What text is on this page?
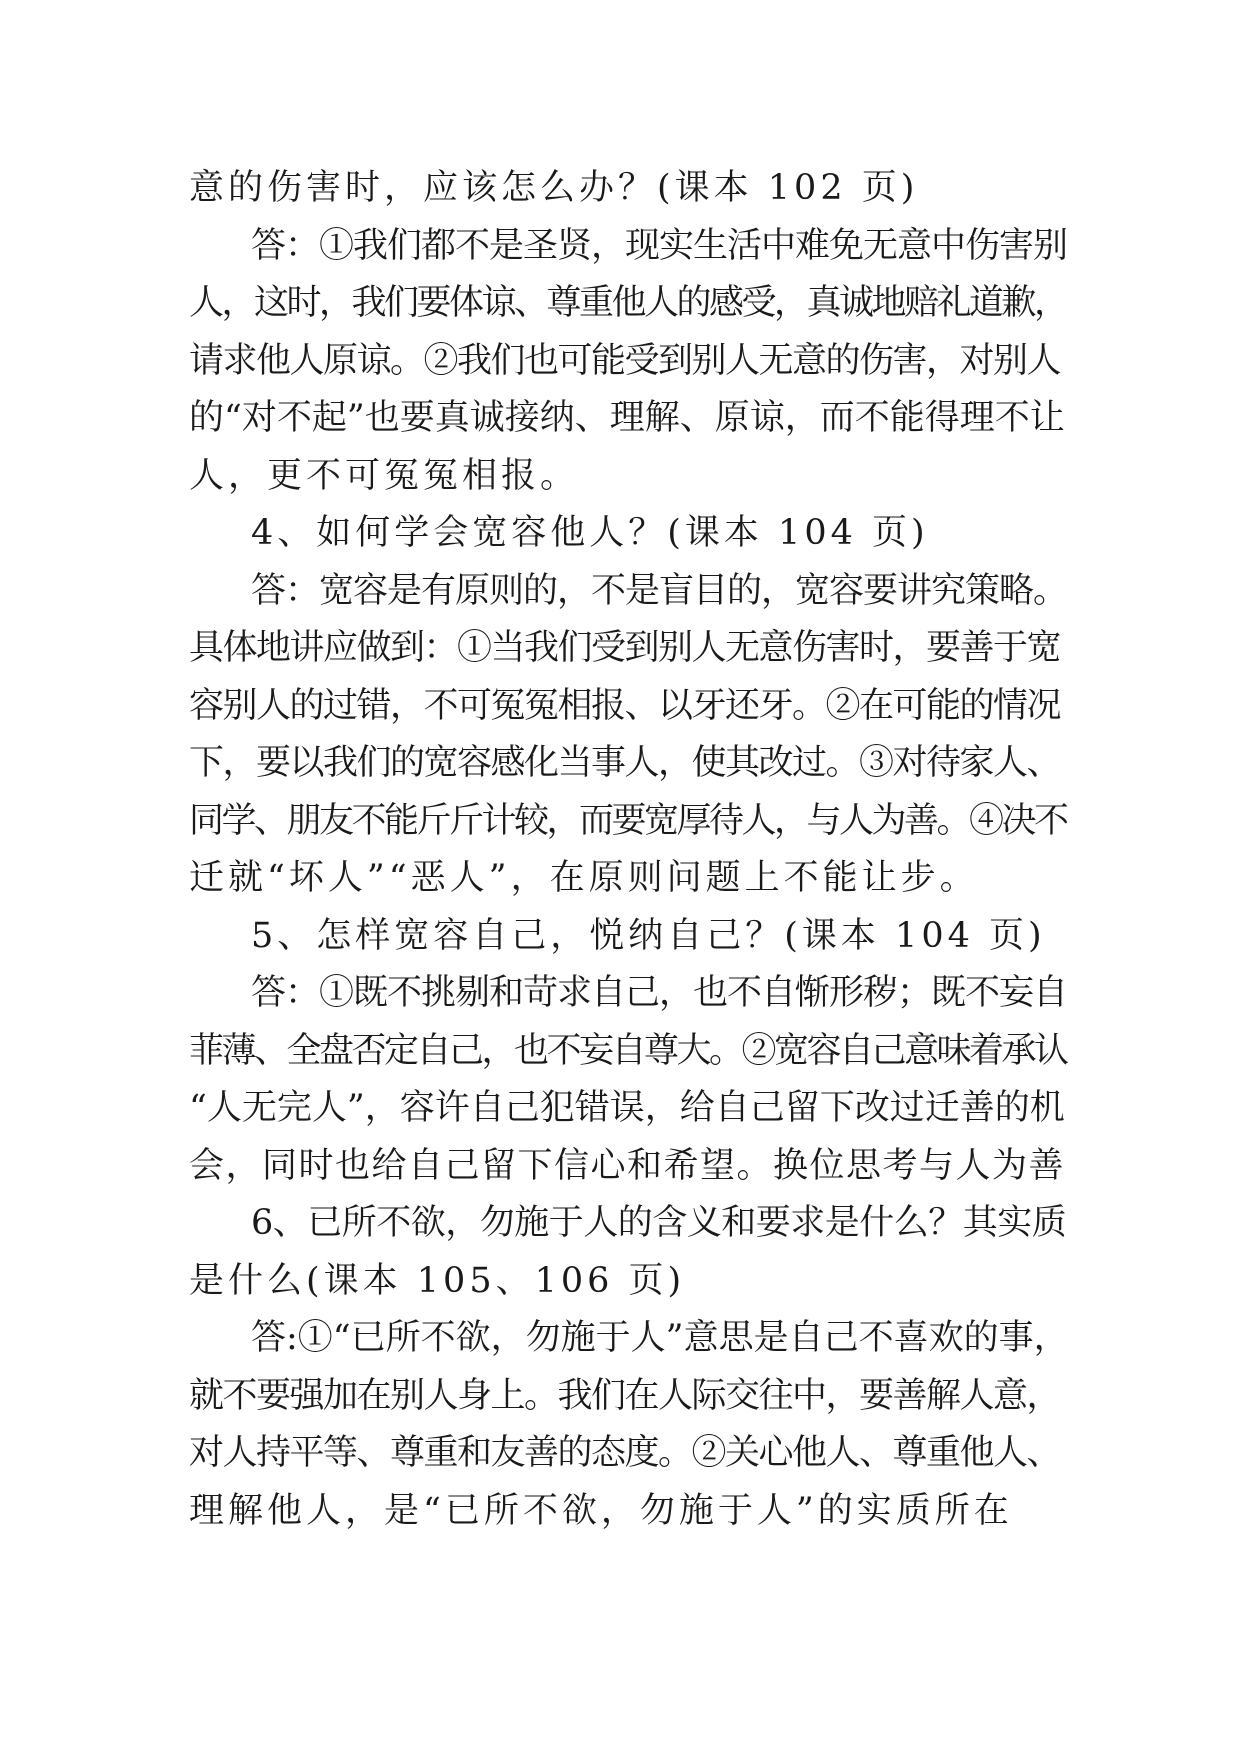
意的伤害时，应该怎么办？(课本 102 页)
答：①我们都不是圣贤，现实生活中难免无意中伤害别
人，这时，我们要体谅、尊重他人的感受，真诚地赔礼道歉，
请求他人原谅。②我们也可能受到别人无意的伤害，对别人
的“对不起”也要真诚接纳、理解、原谅，而不能得理不让
人，更不可冤冤相报。
4、如何学会宽容他人？(课本 104 页)
答：宽容是有原则的，不是盲目的，宽容要讲究策略。
具体地讲应做到：①当我们受到别人无意伤害时，要善于宽
容别人的过错，不可冤冤相报、以牙还牙。②在可能的情况
下，要以我们的宽容感化当事人，使其改过。③对待家人、
同学、朋友不能斤斤计较，而要宽厚待人，与人为善。④决不
迁就“坏人”“恶人”，在原则问题上不能让步。
5、怎样宽容自己，悦纳自己？(课本 104 页)
答：①既不挑剔和苛求自己，也不自惭形秽；既不妄自
菲薄、全盘否定自己，也不妄自尊大。②宽容自己意味着承认
“人无完人”，容许自己犯错误，给自己留下改过迁善的机
会，同时也给自己留下信心和希望。换位思考与人为善
6、已所不欲，勿施于人的含义和要求是什么？其实质
是什么(课本 105、106 页)
答:①“已所不欲，勿施于人”意思是自己不喜欢的事，
就不要强加在别人身上。我们在人际交往中，要善解人意，
对人持平等、尊重和友善的态度。②关心他人、尊重他人、
理解他人，是“已所不欲，勿施于人”的实质所在
